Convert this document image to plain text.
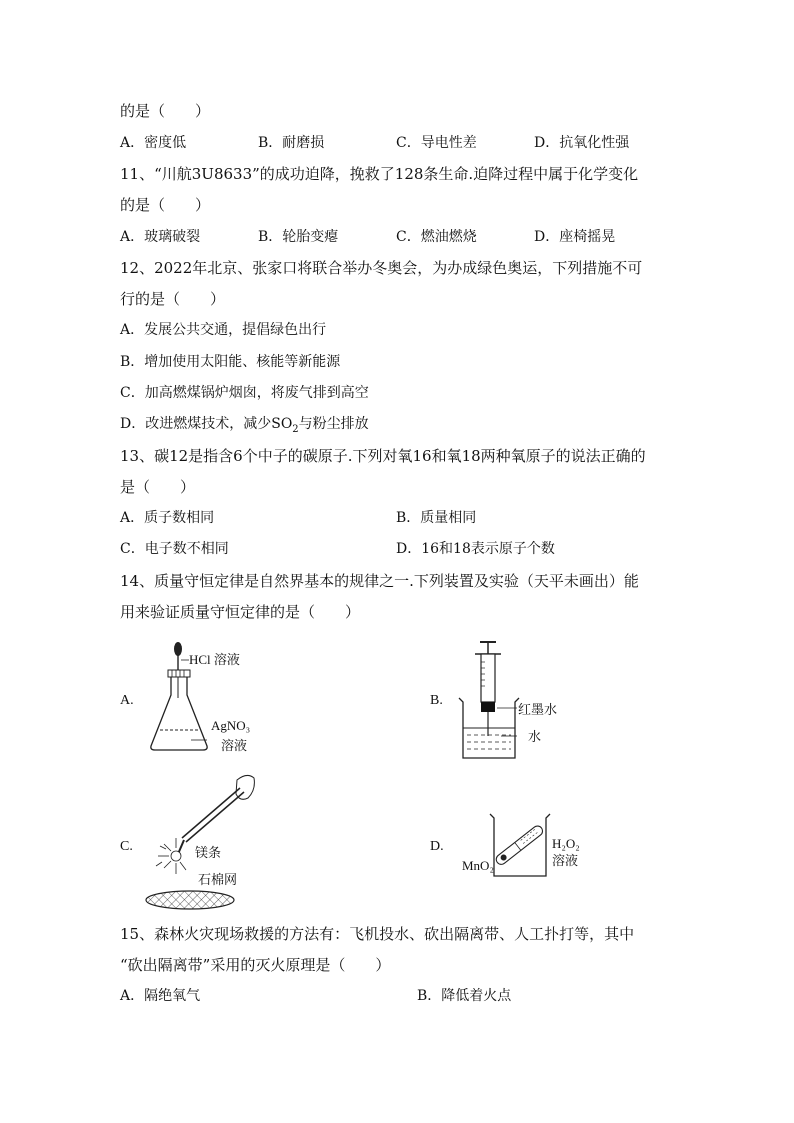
的是（　　）
A．密度低	B．耐磨损	C．导电性差	D．抗氧化性强
11、“川航3U8633”的成功迫降，挽救了128条生命.迫降过程中属于化学变化
的是（　　）
A．玻璃破裂	B．轮胎变瘪	C．燃油燃烧	D．座椅摇晃
12、2022年北京、张家口将联合举办冬奥会，为办成绿色奥运，下列措施不可
行的是（　　）
A．发展公共交通，提倡绿色出行
B．增加使用太阳能、核能等新能源
C．加高燃煤锅炉烟囱，将废气排到高空
D．改进燃煤技术，减少$SO_2$与粉尘排放
13、碳12是指含6个中子的碳原子.下列对氧16和氧18两种氧原子的说法正确的
是（　　）
A．质子数相同	B．质量相同
C．电子数不相同	D．16和18表示原子个数
14、质量守恒定律是自然界基本的规律之一.下列装置及实验（天平未画出）能
用来验证质量守恒定律的是（　　）
A.
HCl 溶液
AgNO₃
溶液
B.
红墨水
水
C.	镁条
石棉网
D.
MnO₂
H₂O₂
溶液
15、森林火灾现场救援的方法有：飞机投水、砍出隔离带、人工扑打等，其中
“砍出隔离带”采用的灭火原理是（　　）
A．隔绝氧气	B．降低着火点
